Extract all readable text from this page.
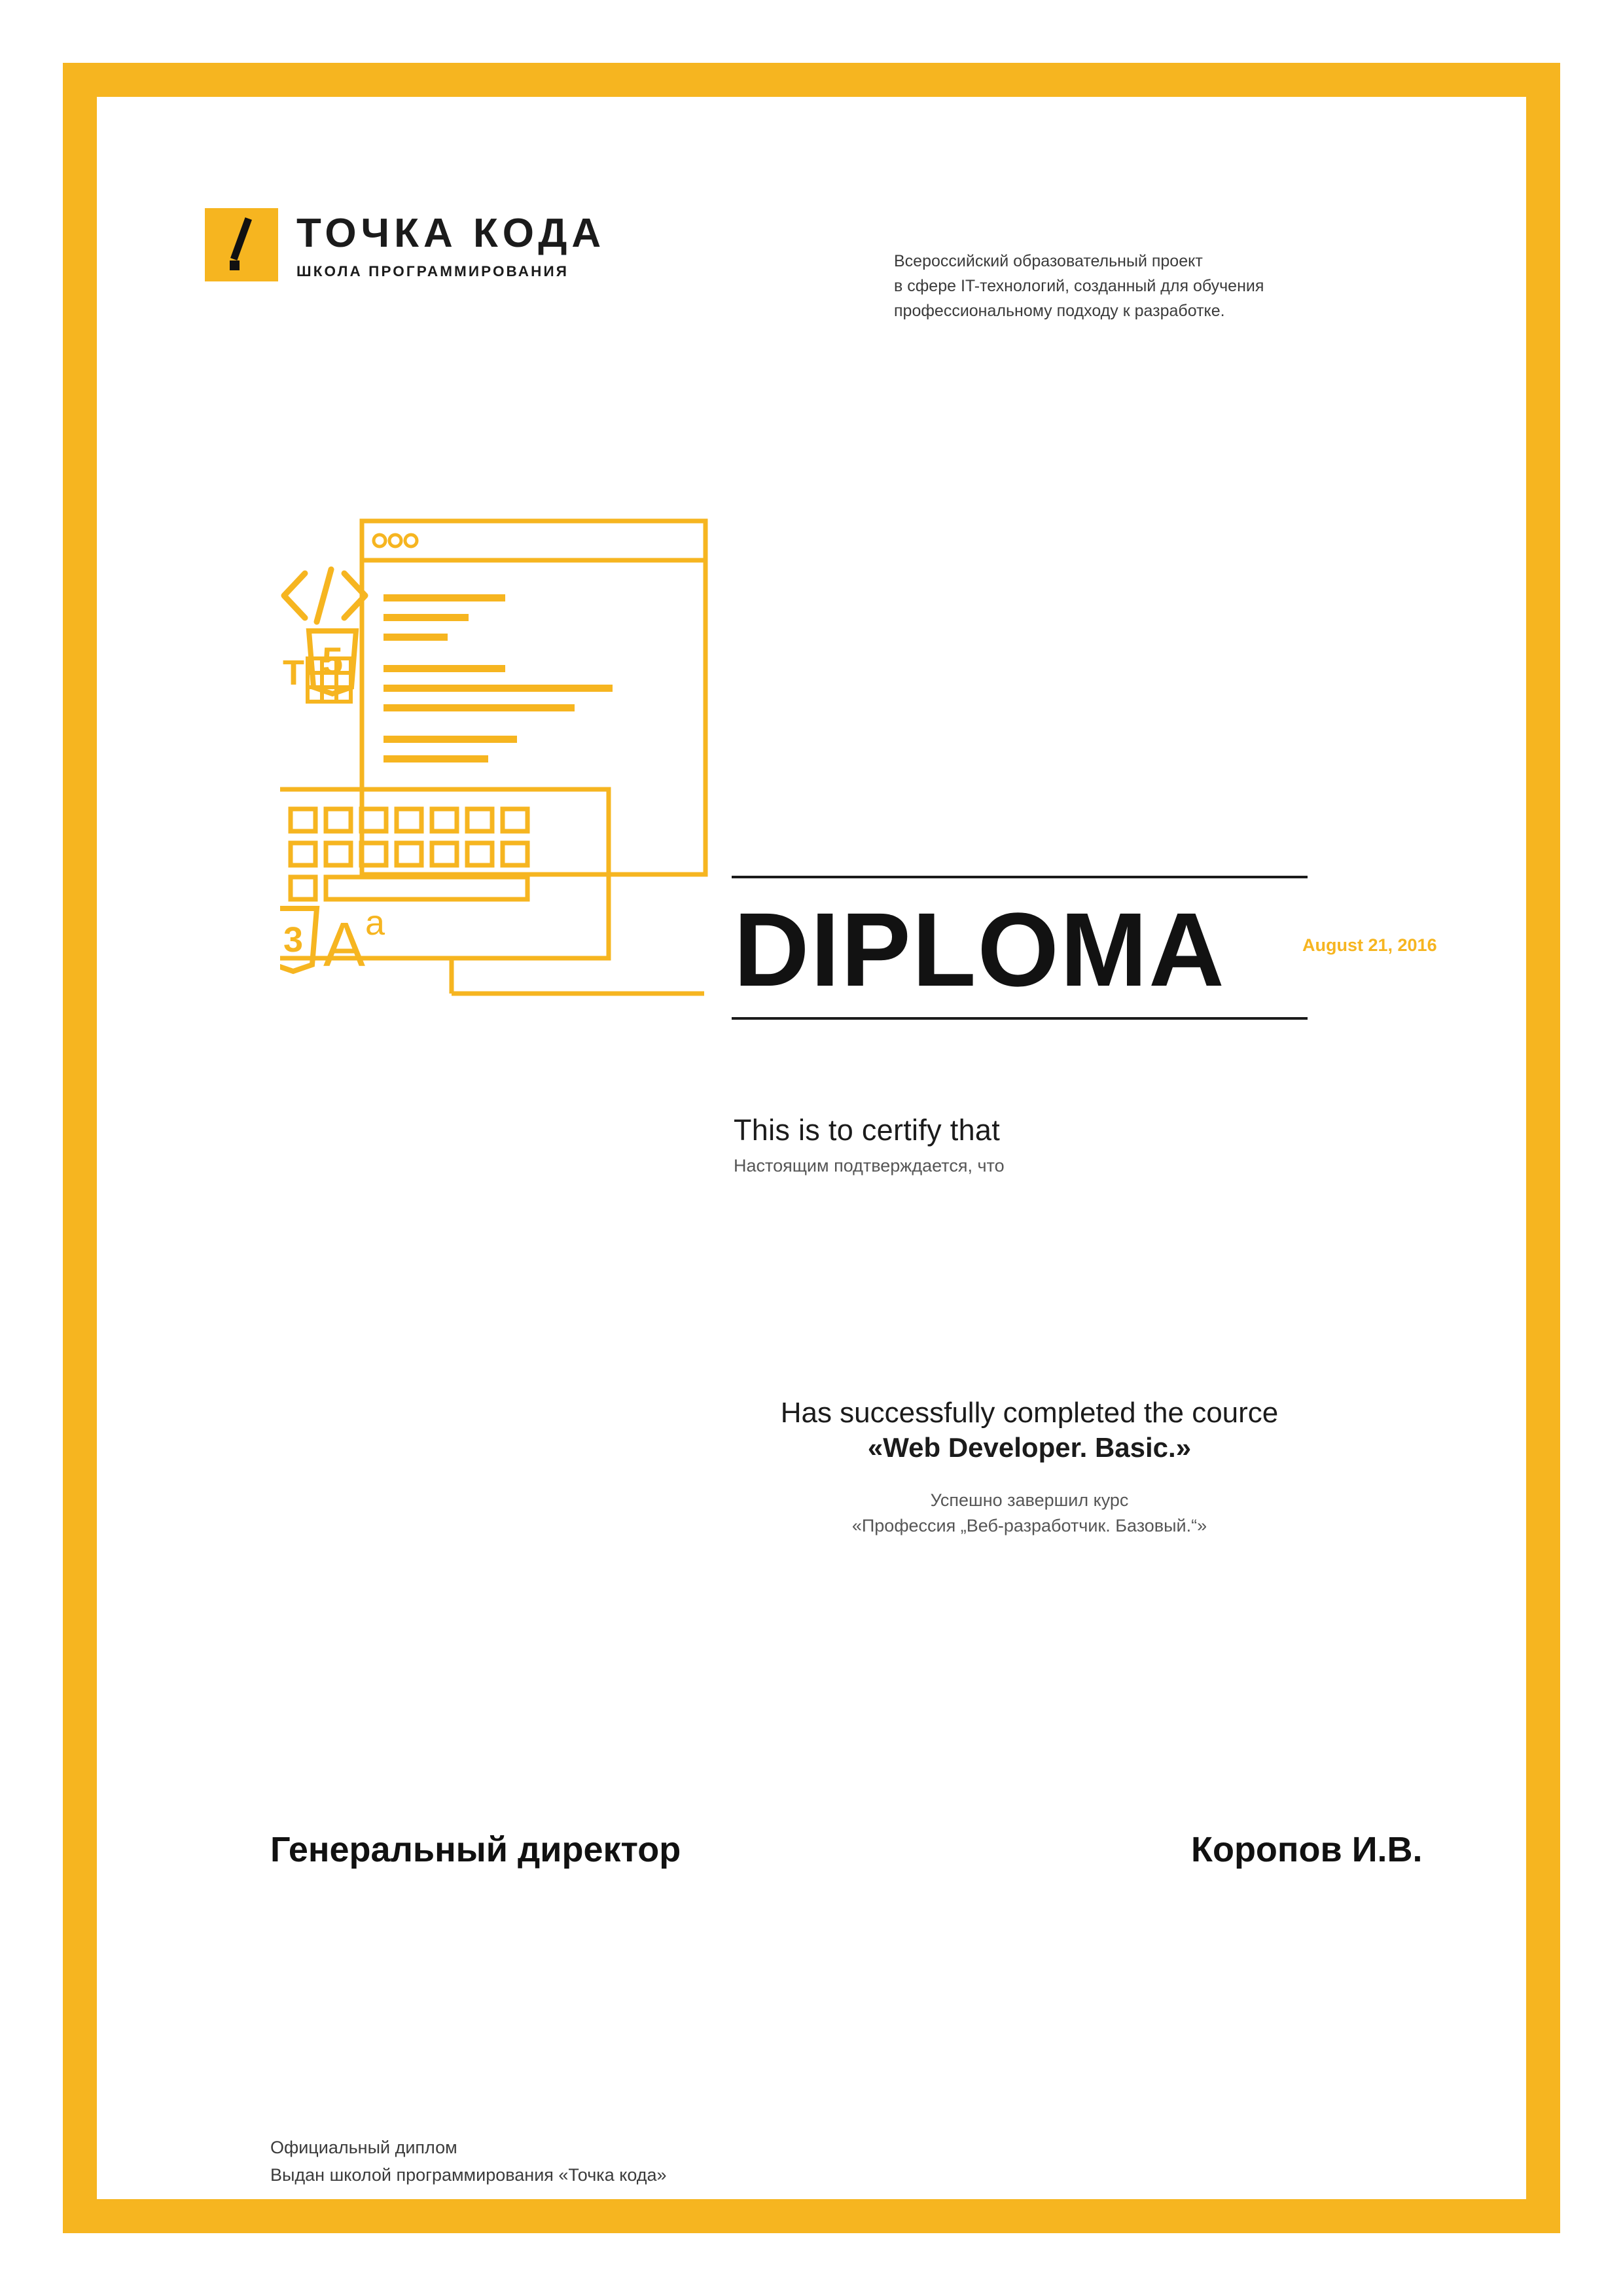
ТОЧКА КОДА
ШКОЛА ПРОГРАММИРОВАНИЯ
Всероссийский образовательный проект
в сфере IT-технологий, созданный для обучения
профессиональному подходу к разработке.
5
T
3 A a	DIPLOMA	August 21, 2016
This is to certify that
Настоящим подтверждается, что
Has successfully completed the cource
«Web Developer. Basic.»
Успешно завершил курс
«Профессия „Веб-разработчик. Базовый.“»
Генеральный директор	Коропов И.В.
Официальный диплом
Выдан школой программирования «Точка кода»
